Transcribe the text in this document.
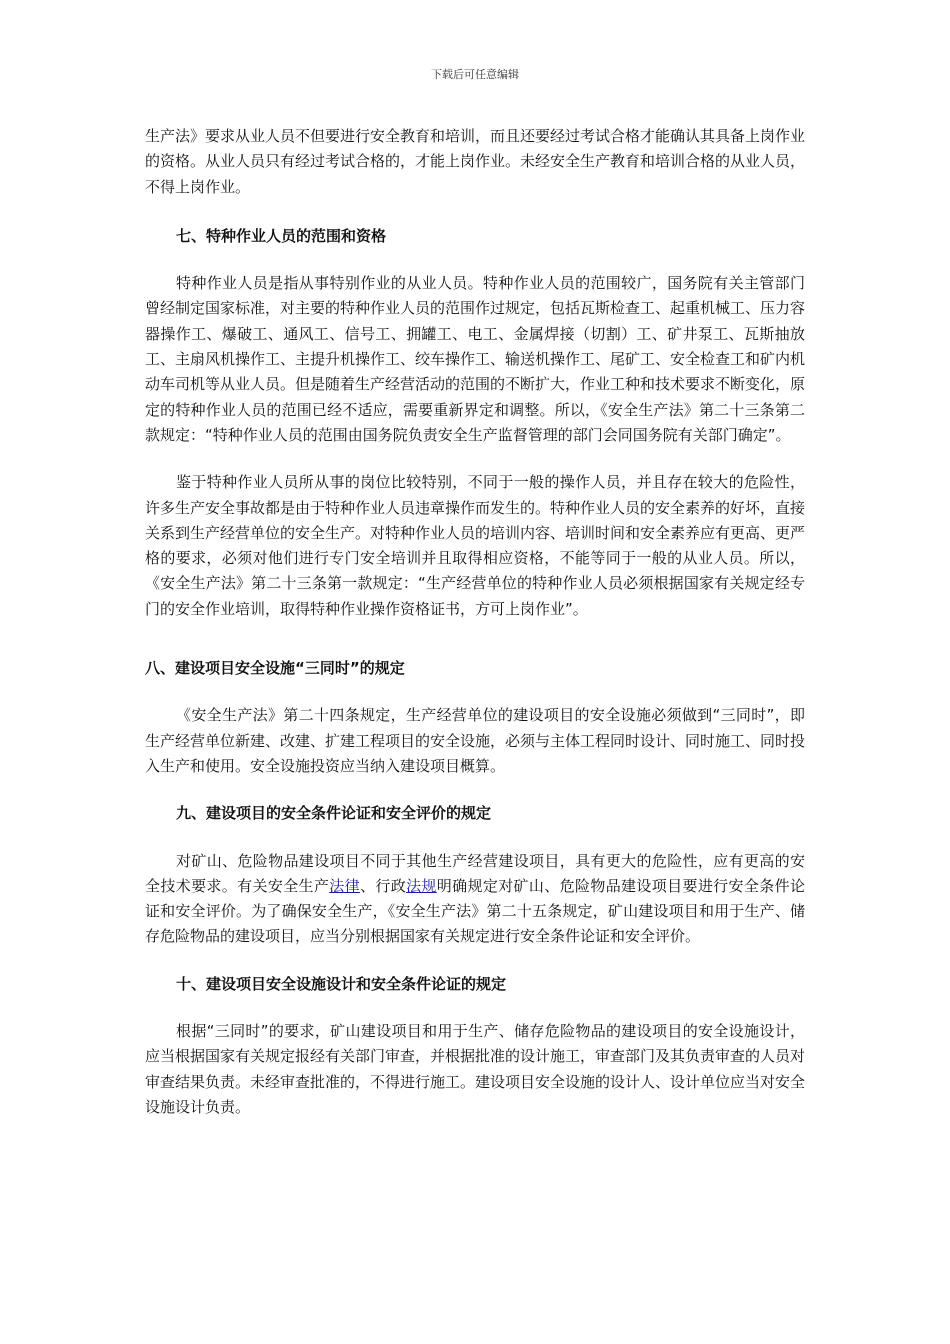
下载后可任意编辑

生产法》要求从业人员不但要进行安全教育和培训，而且还要经过考试合格才能确认其具备上岗作业的资格。从业人员只有经过考试合格的，才能上岗作业。未经安全生产教育和培训合格的从业人员，不得上岗作业。

七、特种作业人员的范围和资格

特种作业人员是指从事特别作业的从业人员。特种作业人员的范围较广，国务院有关主管部门曾经制定国家标准，对主要的特种作业人员的范围作过规定，包括瓦斯检查工、起重机械工、压力容器操作工、爆破工、通风工、信号工、拥罐工、电工、金属焊接（切割）工、矿井泵工、瓦斯抽放工、主扇风机操作工、主提升机操作工、绞车操作工、输送机操作工、尾矿工、安全检查工和矿内机动车司机等从业人员。但是随着生产经营活动的范围的不断扩大，作业工种和技术要求不断变化，原定的特种作业人员的范围已经不适应，需要重新界定和调整。所以，《安全生产法》第二十三条第二款规定：“特种作业人员的范围由国务院负责安全生产监督管理的部门会同国务院有关部门确定”。

鉴于特种作业人员所从事的岗位比较特别，不同于一般的操作人员，并且存在较大的危险性，许多生产安全事故都是由于特种作业人员违章操作而发生的。特种作业人员的安全素养的好坏，直接关系到生产经营单位的安全生产。对特种作业人员的培训内容、培训时间和安全素养应有更高、更严格的要求，必须对他们进行专门安全培训并且取得相应资格，不能等同于一般的从业人员。所以，《安全生产法》第二十三条第一款规定：“生产经营单位的特种作业人员必须根据国家有关规定经专门的安全作业培训，取得特种作业操作资格证书，方可上岗作业”。

八、建设项目安全设施“三同时”的规定

《安全生产法》第二十四条规定，生产经营单位的建设项目的安全设施必须做到“三同时”，即生产经营单位新建、改建、扩建工程项目的安全设施，必须与主体工程同时设计、同时施工、同时投入生产和使用。安全设施投资应当纳入建设项目概算。

九、建设项目的安全条件论证和安全评价的规定

对矿山、危险物品建设项目不同于其他生产经营建设项目，具有更大的危险性，应有更高的安全技术要求。有关安全生产法律、行政法规明确规定对矿山、危险物品建设项目要进行安全条件论证和安全评价。为了确保安全生产，《安全生产法》第二十五条规定，矿山建设项目和用于生产、储存危险物品的建设项目，应当分别根据国家有关规定进行安全条件论证和安全评价。

十、建设项目安全设施设计和安全条件论证的规定

根据“三同时”的要求，矿山建设项目和用于生产、储存危险物品的建设项目的安全设施设计，应当根据国家有关规定报经有关部门审查，并根据批准的设计施工，审查部门及其负责审查的人员对审查结果负责。未经审查批准的，不得进行施工。建设项目安全设施的设计人、设计单位应当对安全设施设计负责。
